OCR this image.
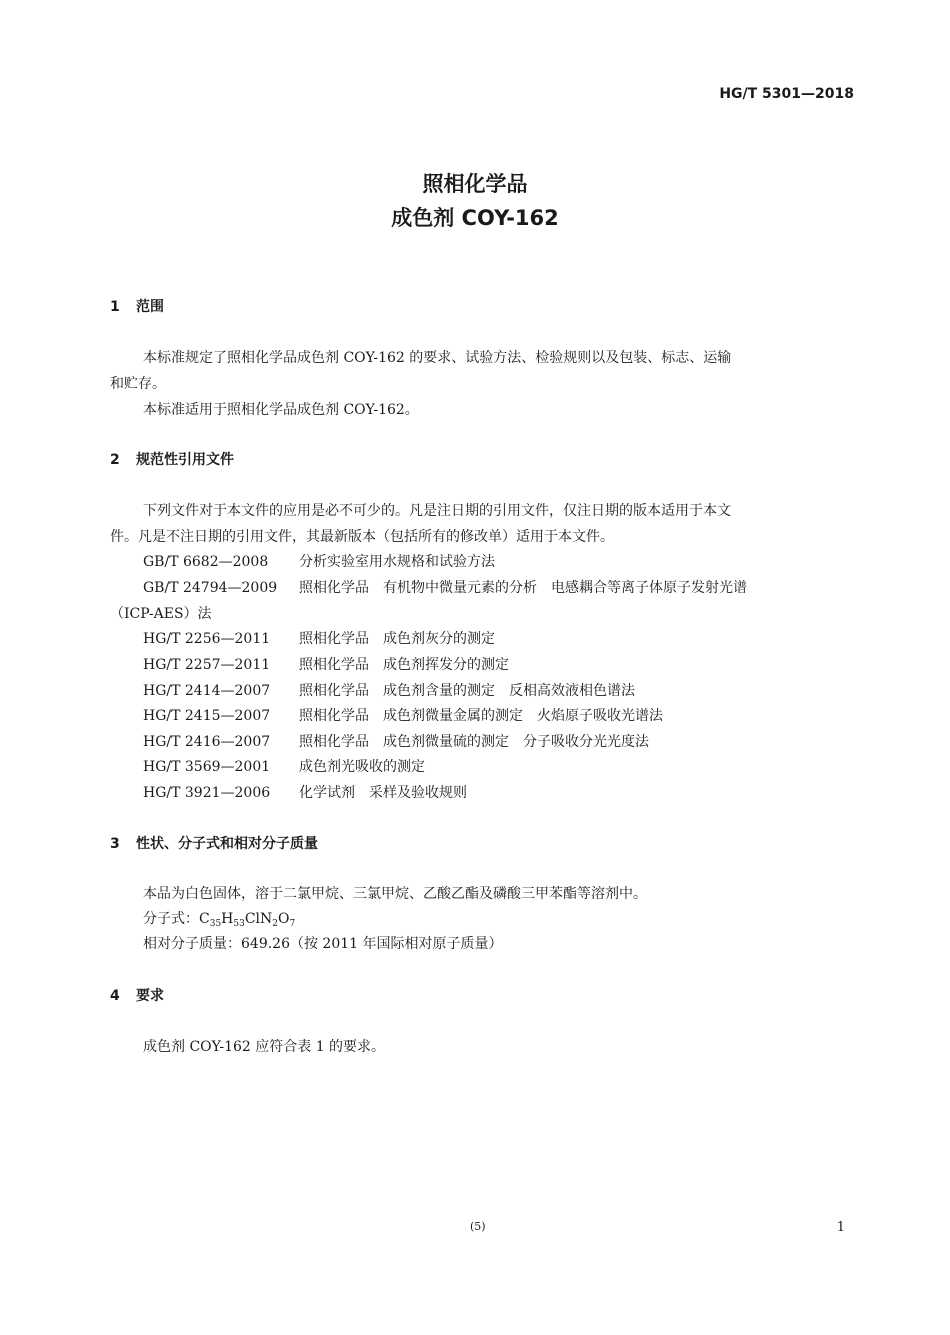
HG/T 5301—2018
照相化学品
成色剂 COY-162
1 范围
本标准规定了照相化学品成色剂 COY-162 的要求、试验方法、检验规则以及包装、标志、运输
和贮存。
本标准适用于照相化学品成色剂 COY-162。
2 规范性引用文件
下列文件对于本文件的应用是必不可少的。凡是注日期的引用文件，仅注日期的版本适用于本文
件。凡是不注日期的引用文件，其最新版本（包括所有的修改单）适用于本文件。
GB/T 6682—2008 分析实验室用水规格和试验方法
GB/T 24794—2009 照相化学品　有机物中微量元素的分析　电感耦合等离子体原子发射光谱
（ICP-AES）法
HG/T 2256—2011 照相化学品　成色剂灰分的测定
HG/T 2257—2011 照相化学品　成色剂挥发分的测定
HG/T 2414—2007 照相化学品　成色剂含量的测定　反相高效液相色谱法
HG/T 2415—2007 照相化学品　成色剂微量金属的测定　火焰原子吸收光谱法
HG/T 2416—2007 照相化学品　成色剂微量硫的测定　分子吸收分光光度法
HG/T 3569—2001 成色剂光吸收的测定
HG/T 3921—2006 化学试剂　采样及验收规则
3 性状、分子式和相对分子质量
本品为白色固体，溶于二氯甲烷、三氯甲烷、乙酸乙酯及磷酸三甲苯酯等溶剂中。
分子式：$C_{35}H_{53}ClN_2O_7$
相对分子质量：649.26（按 2011 年国际相对原子质量）
4 要求
成色剂 COY-162 应符合表 1 的要求。
(5)	1
